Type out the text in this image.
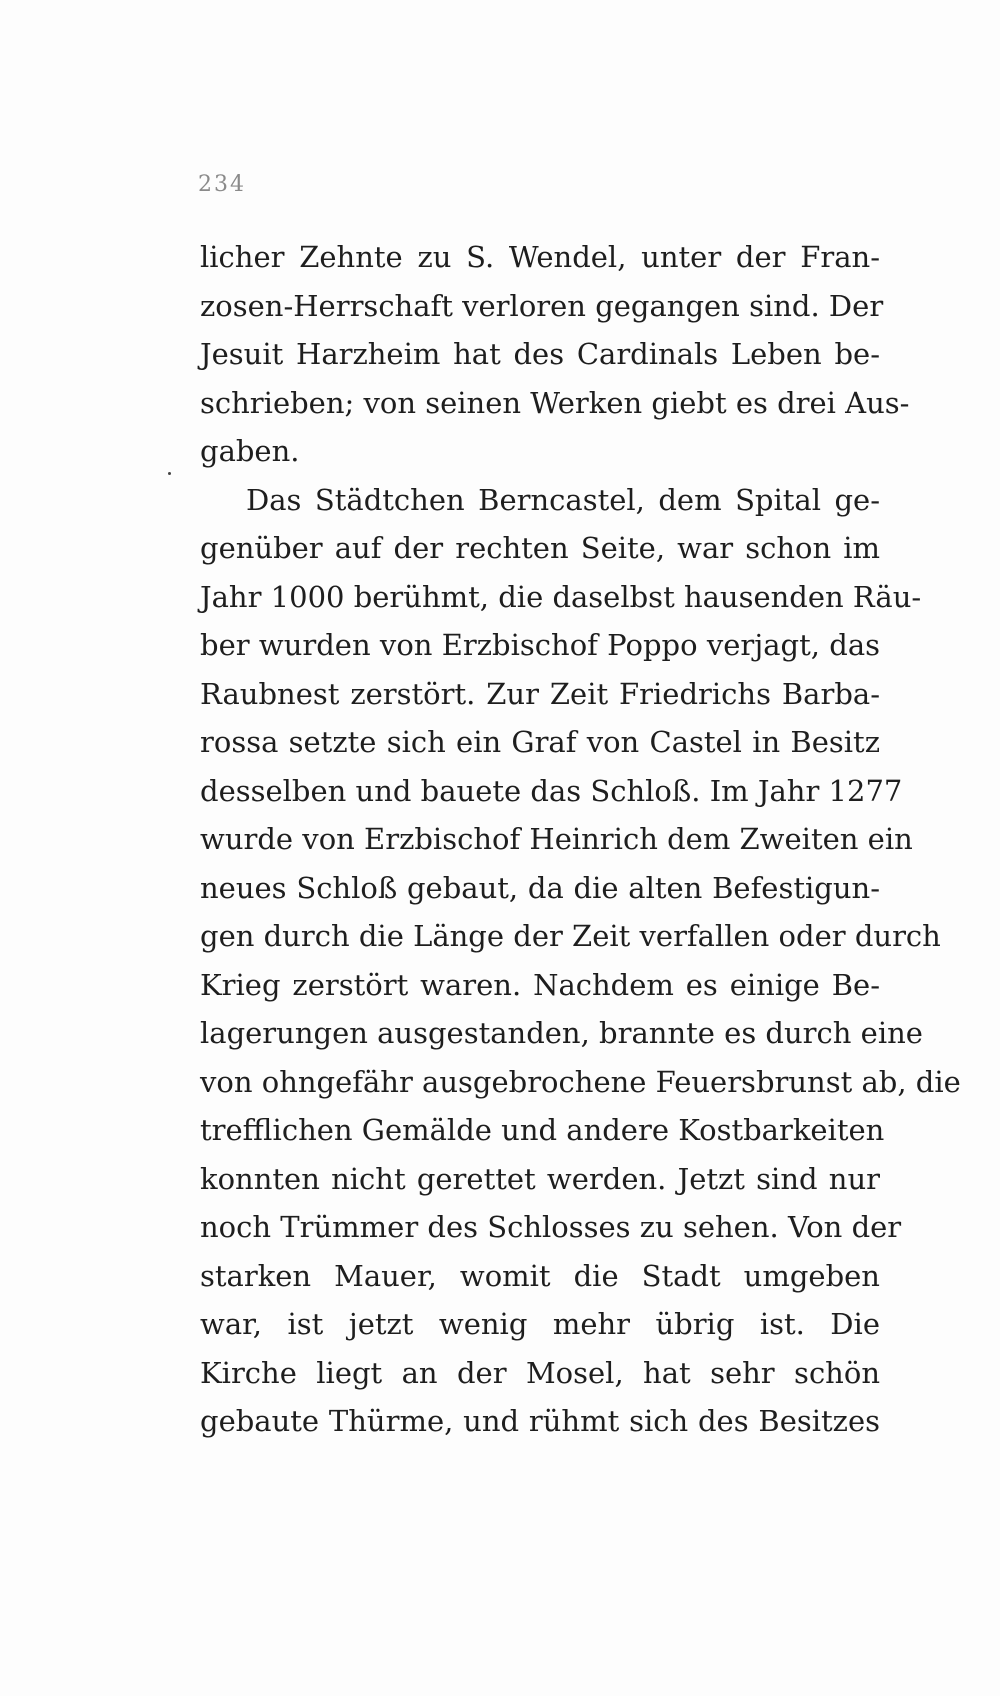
234
licher Zehnte zu S. Wendel, unter der Fran-
zosen-Herrschaft verloren gegangen sind. Der
Jesuit Harzheim hat des Cardinals Leben be-
schrieben; von seinen Werken giebt es drei Aus-
gaben.
Das Städtchen Berncastel, dem Spital ge-
genüber auf der rechten Seite, war schon im
Jahr 1000 berühmt, die daselbst hausenden Räu-
ber wurden von Erzbischof Poppo verjagt, das
Raubnest zerstört. Zur Zeit Friedrichs Barba-
rossa setzte sich ein Graf von Castel in Besitz
desselben und bauete das Schloß. Im Jahr 1277
wurde von Erzbischof Heinrich dem Zweiten ein
neues Schloß gebaut, da die alten Befestigun-
gen durch die Länge der Zeit verfallen oder durch
Krieg zerstört waren. Nachdem es einige Be-
lagerungen ausgestanden, brannte es durch eine
von ohngefähr ausgebrochene Feuersbrunst ab, die
trefflichen Gemälde und andere Kostbarkeiten
konnten nicht gerettet werden. Jetzt sind nur
noch Trümmer des Schlosses zu sehen. Von der
starken Mauer, womit die Stadt umgeben
war, ist jetzt wenig mehr übrig ist. Die
Kirche liegt an der Mosel, hat sehr schön
gebaute Thürme, und rühmt sich des Besitzes
